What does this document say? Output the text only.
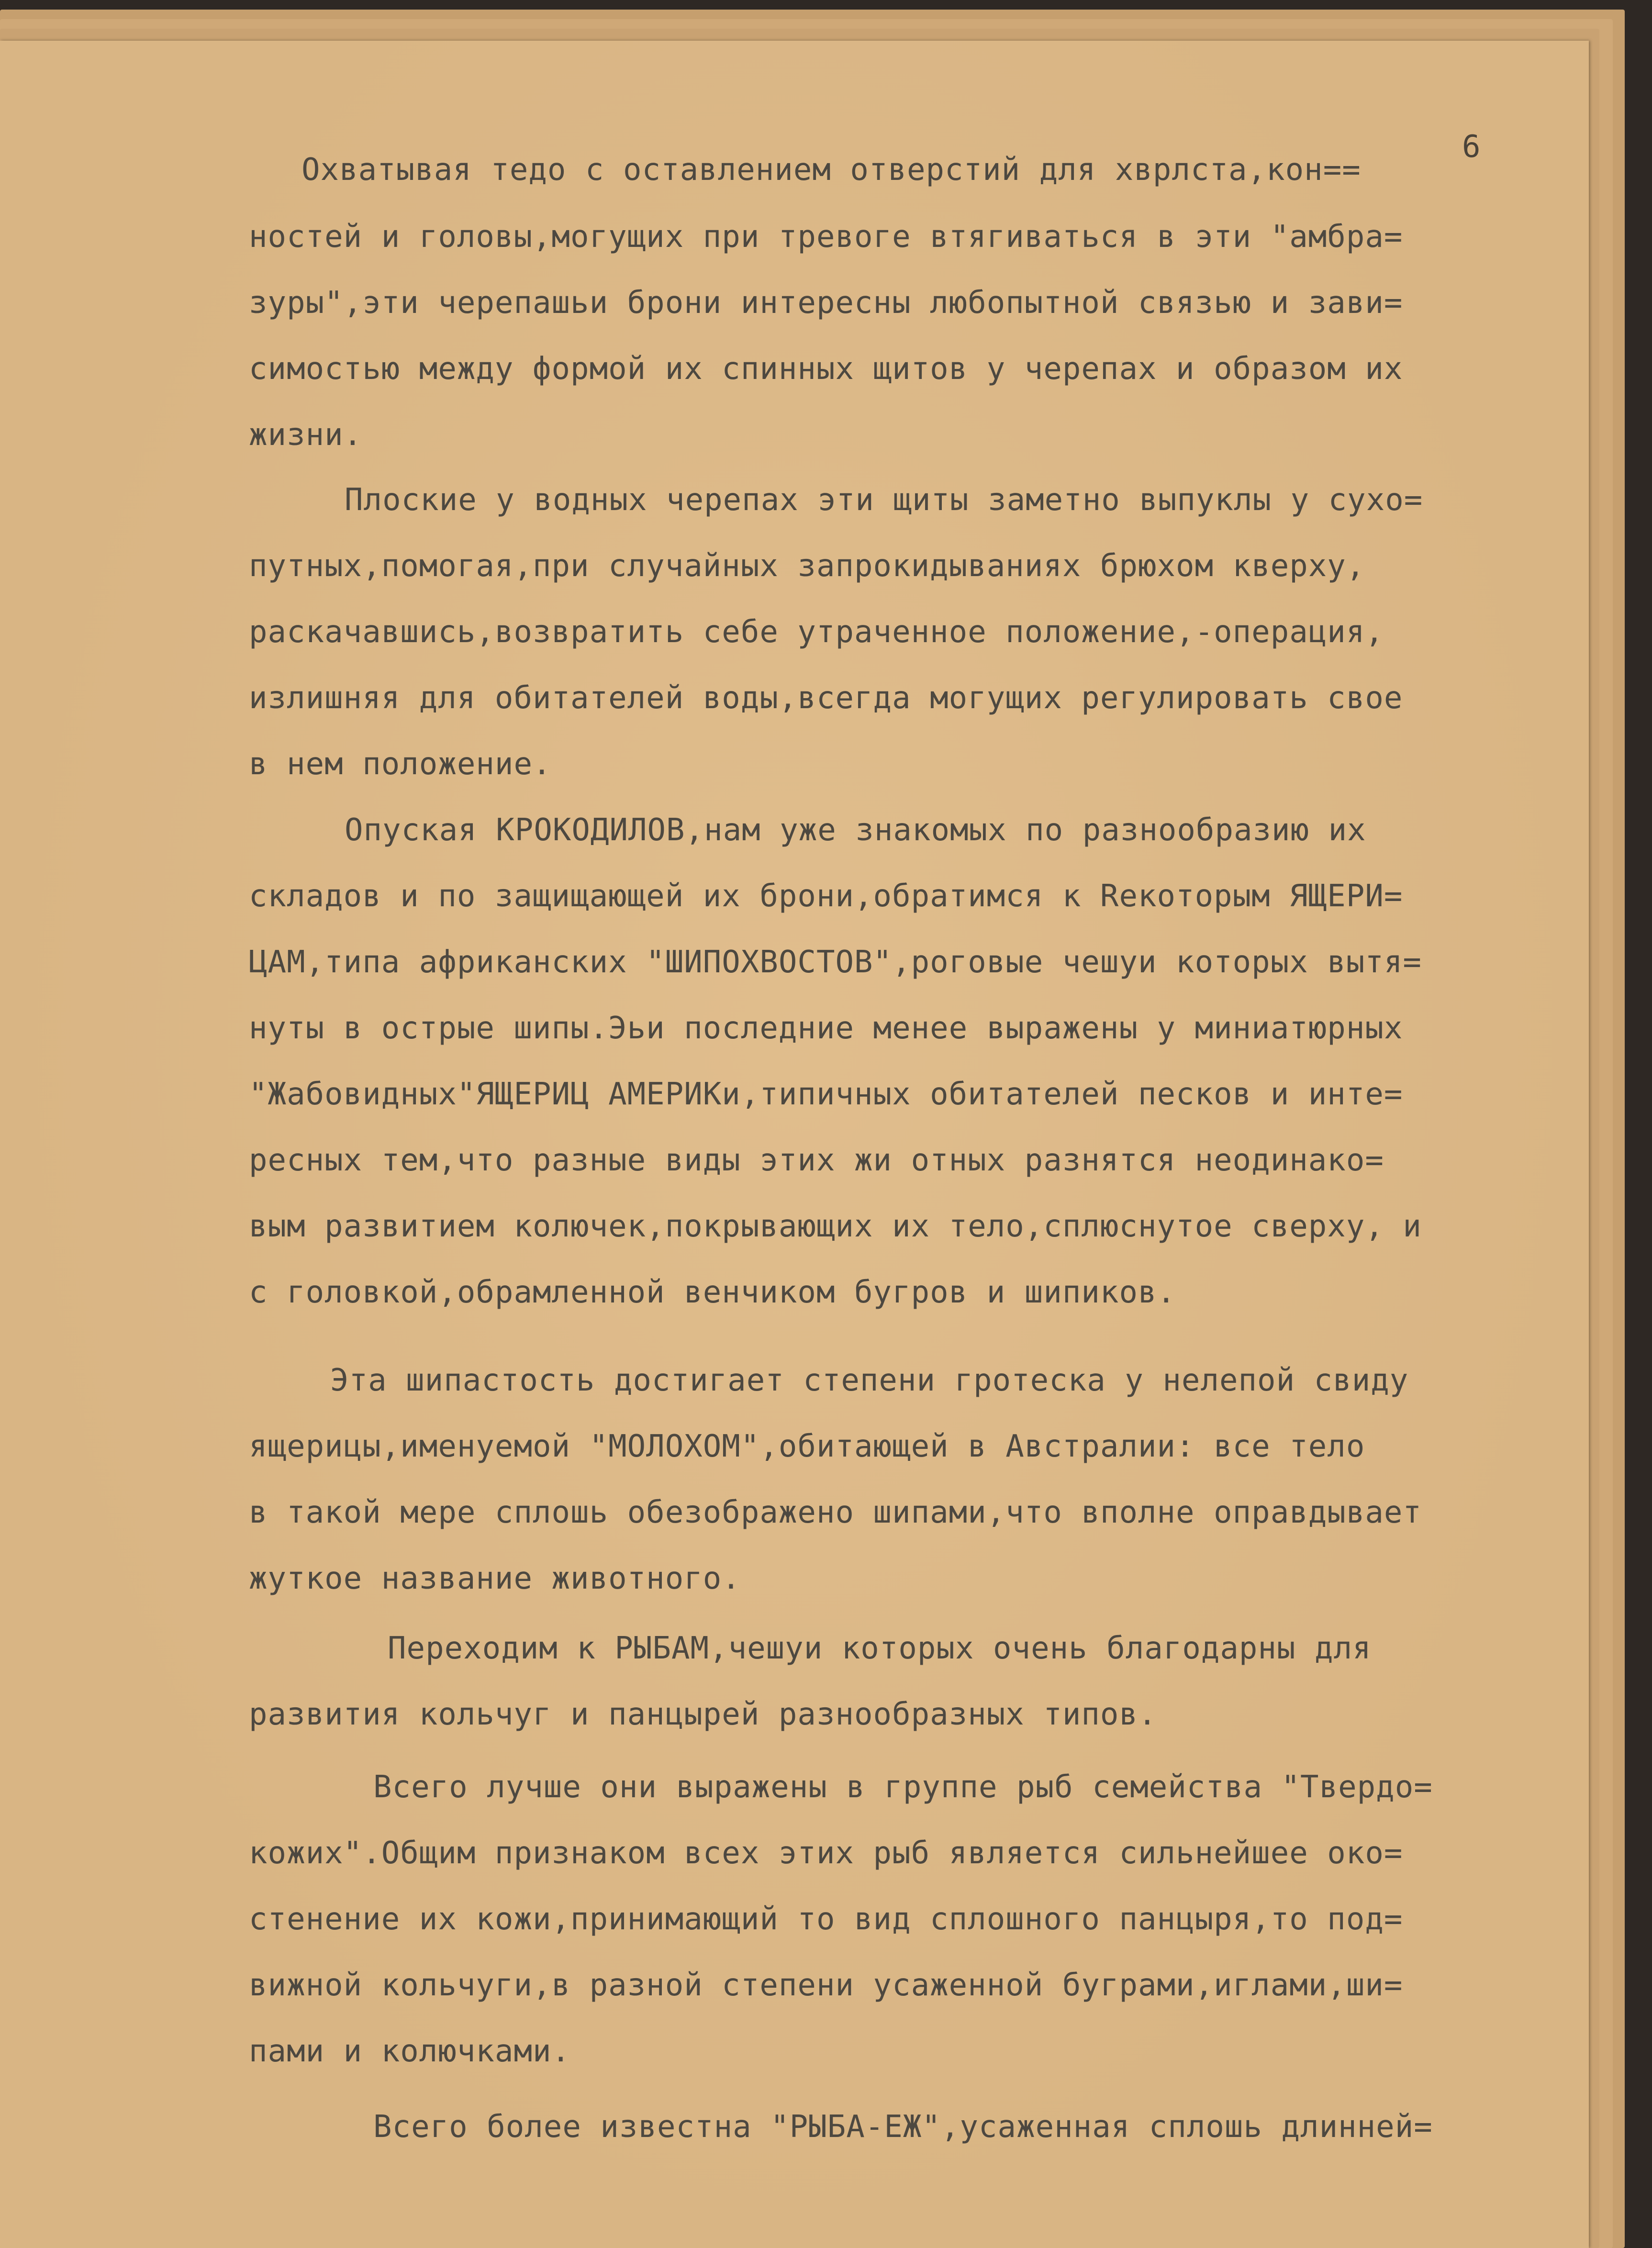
6

Охватывая тедо с оставлением отверстий для хврлста,кон==

ностей и головы,могущих при тревоге втягиваться в эти "амбра=

зуры",эти черепашьи брони интересны любопытной связью и зави=

симостью между формой их спинных щитов у черепах и образом их

жизни.

Плоские у водных черепах эти щиты заметно выпуклы у сухо=

путных,помогая,при случайных запрокидываниях брюхом кверху,

раскачавшись,возвратить себе утраченное положение,-операция,

излишняя для обитателей воды,всегда могущих регулировать свое

в нем положение.

Опуская КРОКОДИЛОВ,нам уже знакомых по разнообразию их

складов и по защищающей их брони,обратимся к Rекоторым ЯЩЕРИ=

ЦАМ,типа африканских "ШИПОХВОСТОВ",роговые чешуи которых вытя=

нуты в острые шипы.Эьи последние менее выражены у миниатюрных

"Жабовидных"ЯЩЕРИЦ АМЕРИКи,типичных обитателей песков и инте=

ресных тем,что разные виды этих жи отных разнятся неодинако=

вым развитием колючек,покрывающих их тело,сплюснутое сверху, и

с головкой,обрамленной венчиком бугров и шипиков.

Эта шипастость достигает степени гротеска у нелепой свиду

ящерицы,именуемой "МОЛОХОМ",обитающей в Австралии: все тело

в такой мере сплошь обезображено шипами,что вполне оправдывает

жуткое название животного.

Переходим к РЫБАМ,чешуи которых очень благодарны для

развития кольчуг и панцырей разнообразных типов.

Всего лучше они выражены в группе рыб семейства "Твердо=

кожих".Общим признаком всех этих рыб является сильнейшее око=

стенение их кожи,принимающий то вид сплошного панцыря,то под=

вижной кольчуги,в разной степени усаженной буграми,иглами,ши=

пами и колючками.

Всего более известна "РЫБА-ЕЖ",усаженная сплошь длинней=
